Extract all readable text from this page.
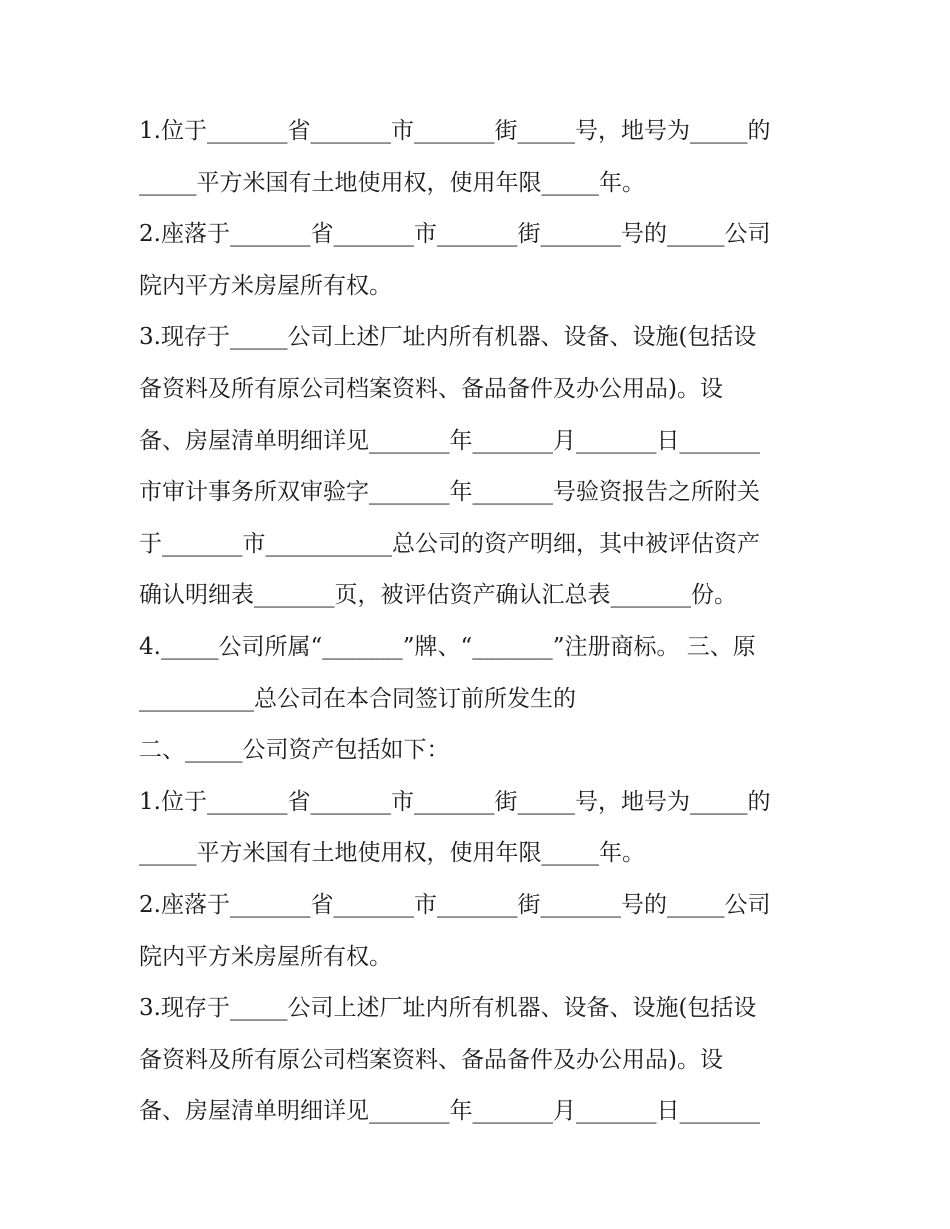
1.位于_______省_______市_______街_____号，地号为_____的

_____平方米国有土地使用权，使用年限_____年。

2.座落于_______省_______市_______街_______号的_____公司

院内平方米房屋所有权。

3.现存于_____公司上述厂址内所有机器、设备、设施(包括设

备资料及所有原公司档案资料、备品备件及办公用品)。设

备、房屋清单明细详见_______年_______月_______日_______

市审计事务所双审验字_______年_______号验资报告之所附关

于_______市___________总公司的资产明细，其中被评估资产

确认明细表_______页，被评估资产确认汇总表_______份。

4._____公司所属“_______”牌、“_______”注册商标。 三、原

__________总公司在本合同签订前所发生的

二、_____公司资产包括如下：

1.位于_______省_______市_______街_____号，地号为_____的

_____平方米国有土地使用权，使用年限_____年。

2.座落于_______省_______市_______街_______号的_____公司

院内平方米房屋所有权。

3.现存于_____公司上述厂址内所有机器、设备、设施(包括设

备资料及所有原公司档案资料、备品备件及办公用品)。设

备、房屋清单明细详见_______年_______月_______日_______
